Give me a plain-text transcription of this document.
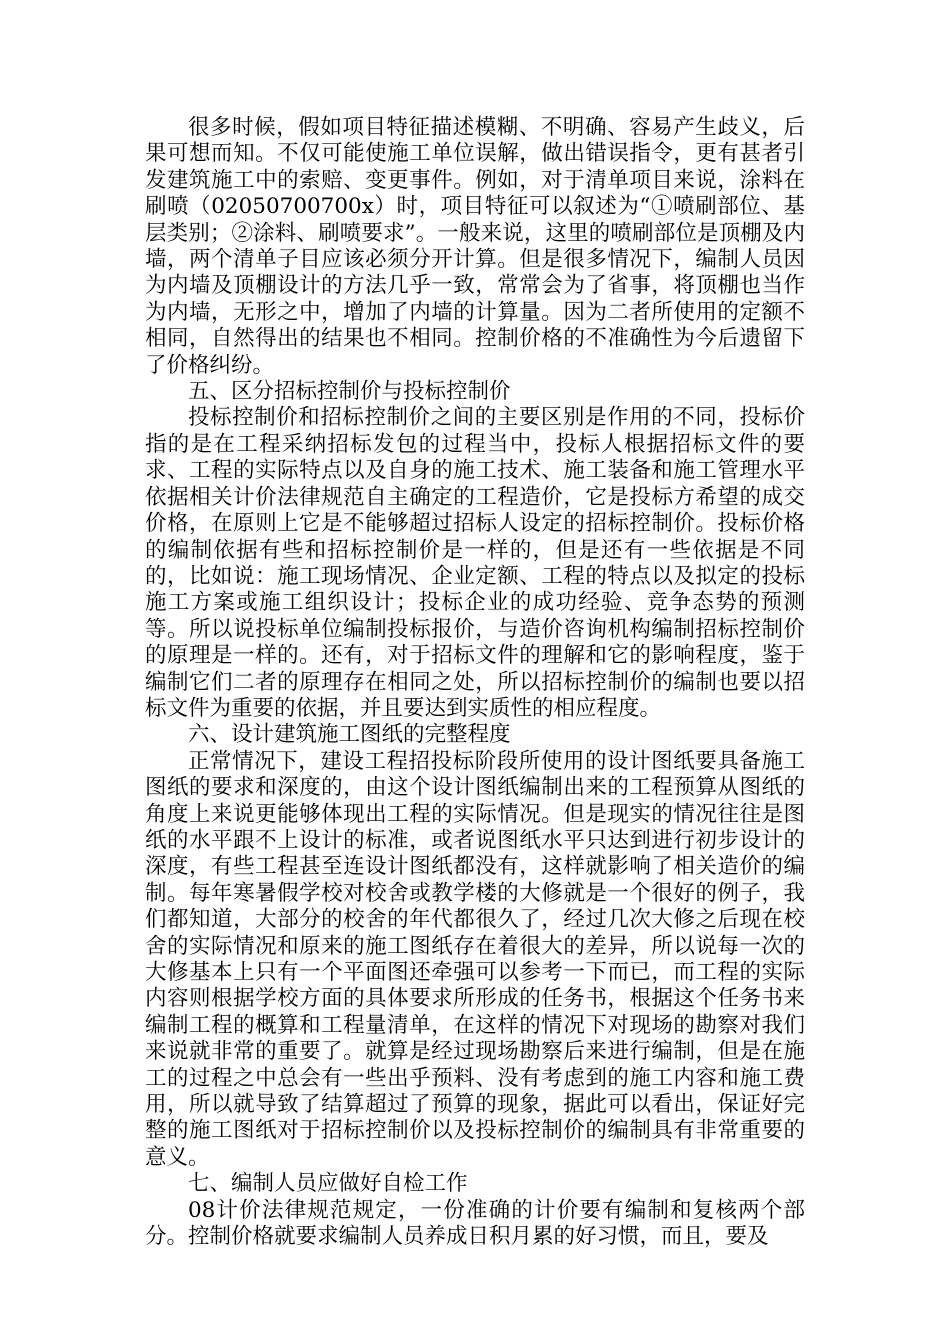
很多时候，假如项目特征描述模糊、不明确、容易产生歧义，后果可想而知。不仅可能使施工单位误解，做出错误指令，更有甚者引发建筑施工中的索赔、变更事件。例如，对于清单项目来说，涂料在刷喷（02050700700x）时，项目特征可以叙述为“①喷刷部位、基层类别；②涂料、刷喷要求”。一般来说，这里的喷刷部位是顶棚及内墙，两个清单子目应该必须分开计算。但是很多情况下，编制人员因为内墙及顶棚设计的方法几乎一致，常常会为了省事，将顶棚也当作为内墙，无形之中，增加了内墙的计算量。因为二者所使用的定额不相同，自然得出的结果也不相同。控制价格的不准确性为今后遗留下了价格纠纷。

五、区分招标控制价与投标控制价

投标控制价和招标控制价之间的主要区别是作用的不同，投标价指的是在工程采纳招标发包的过程当中，投标人根据招标文件的要求、工程的实际特点以及自身的施工技术、施工装备和施工管理水平依据相关计价法律规范自主确定的工程造价，它是投标方希望的成交价格，在原则上它是不能够超过招标人设定的招标控制价。投标价格的编制依据有些和招标控制价是一样的，但是还有一些依据是不同的，比如说：施工现场情况、企业定额、工程的特点以及拟定的投标施工方案或施工组织设计；投标企业的成功经验、竞争态势的预测等。所以说投标单位编制投标报价，与造价咨询机构编制招标控制价的原理是一样的。还有，对于招标文件的理解和它的影响程度，鉴于编制它们二者的原理存在相同之处，所以招标控制价的编制也要以招标文件为重要的依据，并且要达到实质性的相应程度。

六、设计建筑施工图纸的完整程度

正常情况下，建设工程招投标阶段所使用的设计图纸要具备施工图纸的要求和深度的，由这个设计图纸编制出来的工程预算从图纸的角度上来说更能够体现出工程的实际情况。但是现实的情况往往是图纸的水平跟不上设计的标准，或者说图纸水平只达到进行初步设计的深度，有些工程甚至连设计图纸都没有，这样就影响了相关造价的编制。每年寒暑假学校对校舍或教学楼的大修就是一个很好的例子，我们都知道，大部分的校舍的年代都很久了，经过几次大修之后现在校舍的实际情况和原来的施工图纸存在着很大的差异，所以说每一次的大修基本上只有一个平面图还牵强可以参考一下而已，而工程的实际内容则根据学校方面的具体要求所形成的任务书，根据这个任务书来编制工程的概算和工程量清单，在这样的情况下对现场的勘察对我们来说就非常的重要了。就算是经过现场勘察后来进行编制，但是在施工的过程之中总会有一些出乎预料、没有考虑到的施工内容和施工费用，所以就导致了结算超过了预算的现象，据此可以看出，保证好完整的施工图纸对于招标控制价以及投标控制价的编制具有非常重要的意义。

七、编制人员应做好自检工作

08计价法律规范规定，一份准确的计价要有编制和复核两个部分。控制价格就要求编制人员养成日积月累的好习惯，而且，要及
